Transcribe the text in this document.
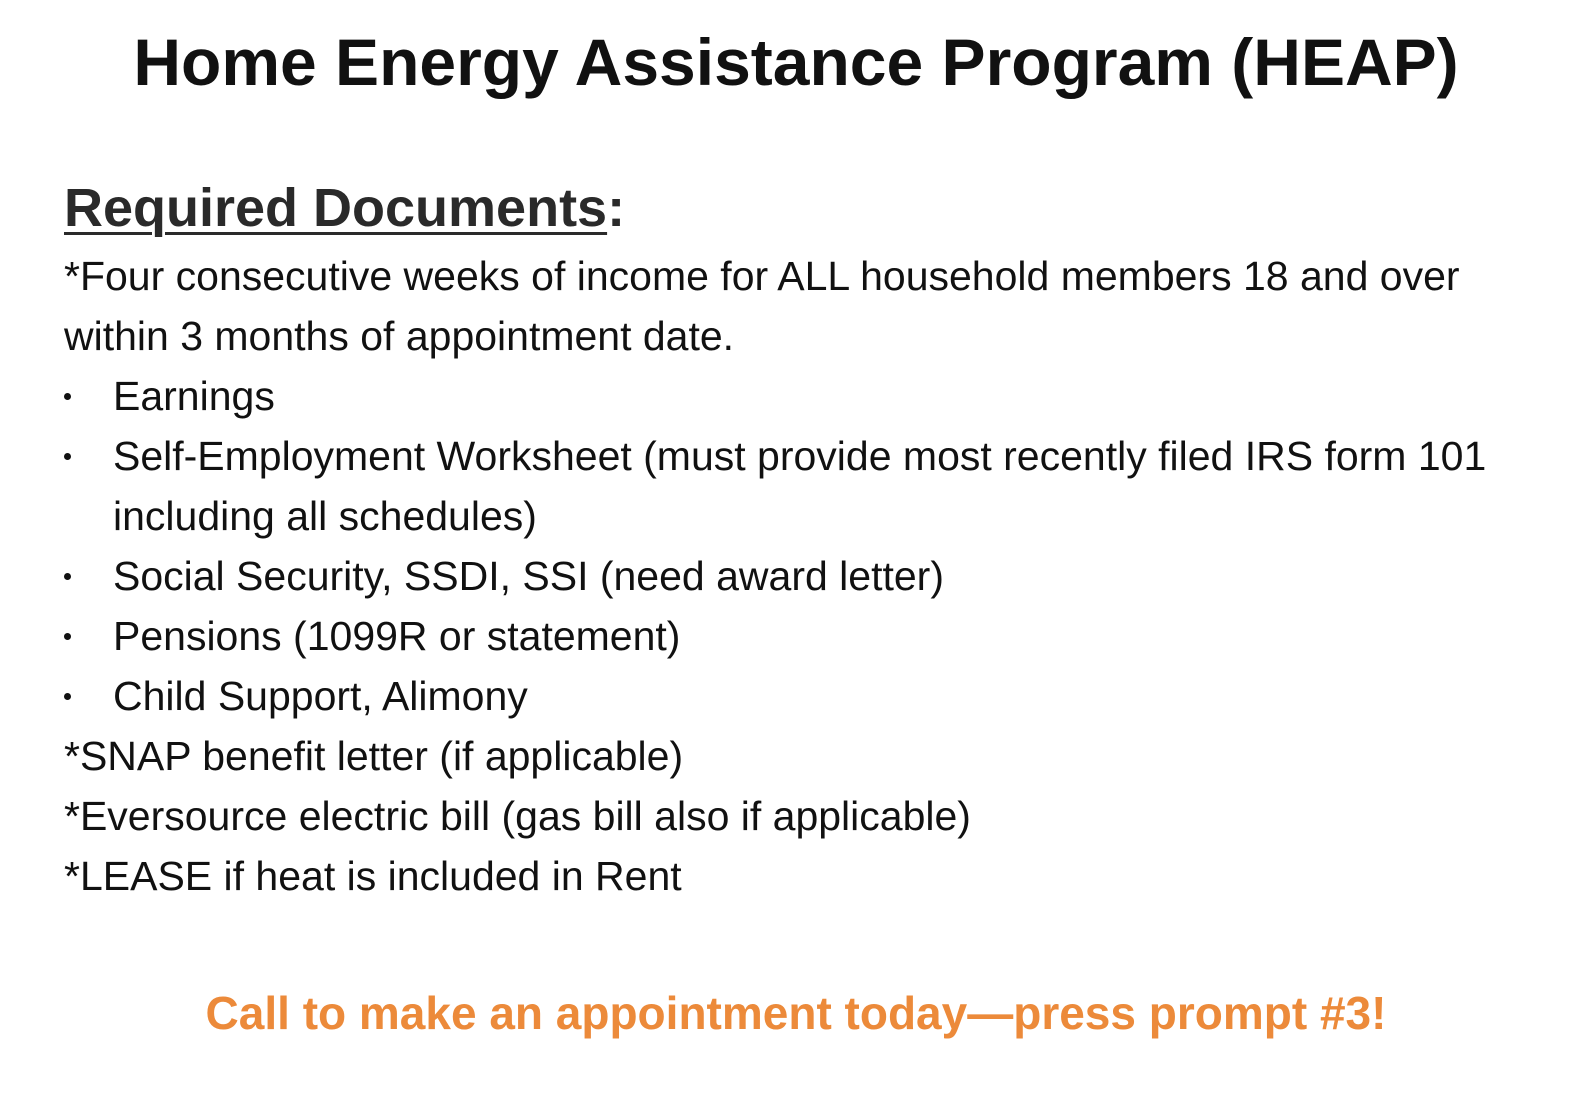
Home Energy Assistance Program (HEAP)
Required Documents:
*Four consecutive weeks of income for ALL household members 18 and over within 3 months of appointment date.
Earnings
Self-Employment Worksheet (must provide most recently filed IRS form 101 including all schedules)
Social Security, SSDI, SSI (need award letter)
Pensions (1099R or statement)
Child Support, Alimony
*SNAP benefit letter (if applicable)
*Eversource electric bill (gas bill also if applicable)
*LEASE if heat is included in Rent
Call to make an appointment today—press prompt #3!
